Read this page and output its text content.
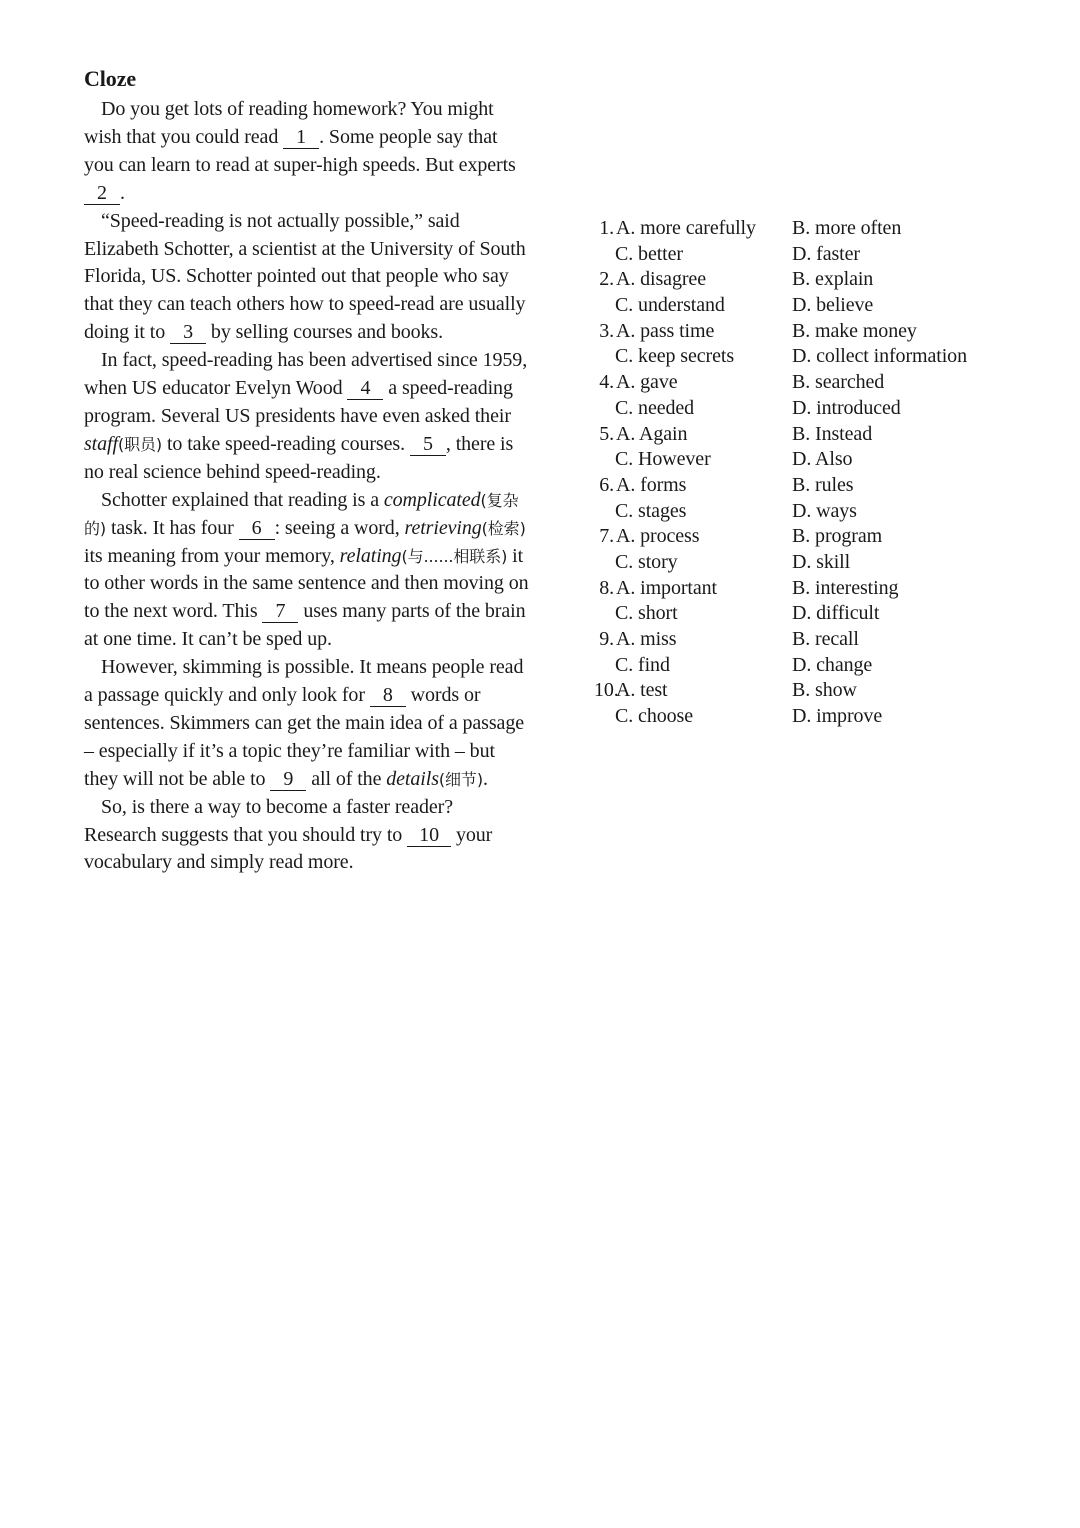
Cloze

Do you get lots of reading homework? You might wish that you could read 1 . Some people say that you can learn to read at super-high speeds. But experts 2 .

“Speed-reading is not actually possible,” said Elizabeth Schotter, a scientist at the University of South Florida, US. Schotter pointed out that people who say that they can teach others how to speed-read are usually doing it to 3 by selling courses and books.

In fact, speed-reading has been advertised since 1959, when US educator Evelyn Wood 4 a speed-reading program. Several US presidents have even asked their staff(职员) to take speed-reading courses. 5 , there is no real science behind speed-reading.

Schotter explained that reading is a complicated(复杂的) task. It has four 6 : seeing a word, retrieving(检索) its meaning from your memory, relating(与......相联系) it to other words in the same sentence and then moving on to the next word. This 7 uses many parts of the brain at one time. It can’t be sped up.

However, skimming is possible. It means people read a passage quickly and only look for 8 words or sentences. Skimmers can get the main idea of a passage – especially if it’s a topic they’re familiar with – but they will not be able to 9 all of the details(细节).

So, is there a way to become a faster reader? Research suggests that you should try to 10 your vocabulary and simply read more.

1. A. more carefully B. more often
C. better	D. faster
2. A. disagree	B. explain
C. understand	D. believe
3. A. pass time	B. make money
C. keep secrets	D. collect information
4. A. gave	B. searched
C. needed	D. introduced
5. A. Again	B. Instead
C. However	D. Also
6. A. forms	B. rules
C. stages	D. ways
7. A. process	B. program
C. story	D. skill
8. A. important	B. interesting
C. short	D. difficult
9. A. miss	B. recall
C. find	D. change
10.
A. test	B. show
C. choose	D. improve
